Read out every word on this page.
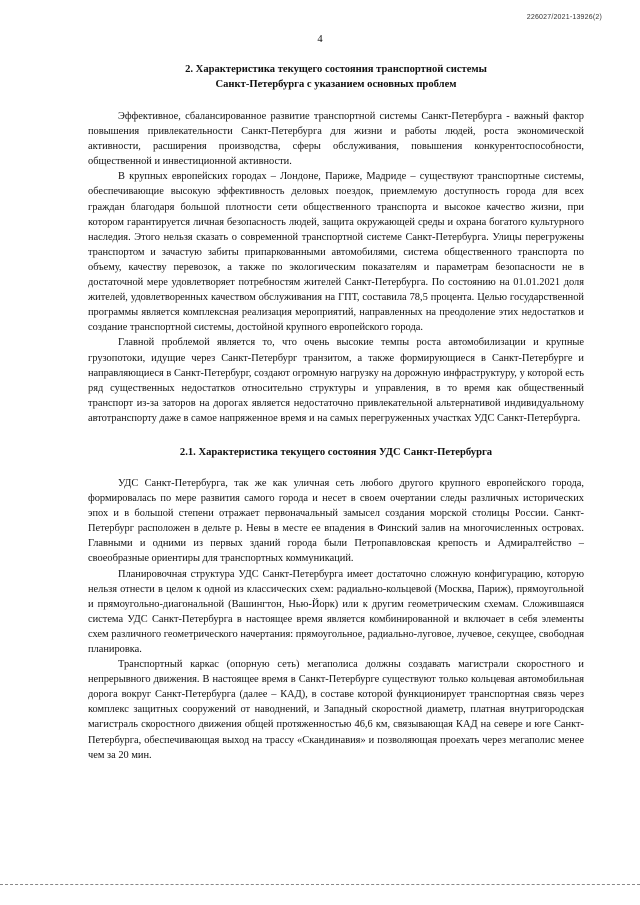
226027/2021-13926(2)
4
2. Характеристика текущего состояния транспортной системы
Санкт-Петербурга с указанием основных проблем

Эффективное, сбалансированное развитие транспортной системы Санкт-Петербурга - важный фактор повышения привлекательности Санкт-Петербурга для жизни и работы людей, роста экономической активности, расширения производства, сферы обслуживания, повышения конкурентоспособности, общественной и инвестиционной активности.

В крупных европейских городах – Лондоне, Париже, Мадриде – существуют транспортные системы, обеспечивающие высокую эффективность деловых поездок, приемлемую доступность города для всех граждан благодаря большой плотности сети общественного транспорта и высокое качество жизни, при котором гарантируется личная безопасность людей, защита окружающей среды и охрана богатого культурного наследия. Этого нельзя сказать о современной транспортной системе Санкт-Петербурга. Улицы перегружены транспортом и зачастую забиты припаркованными автомобилями, система общественного транспорта по объему, качеству перевозок, а также по экологическим показателям и параметрам безопасности не в достаточной мере удовлетворяет потребностям жителей Санкт-Петербурга. По состоянию на 01.01.2021 доля жителей, удовлетворенных качеством обслуживания на ГПТ, составила 78,5 процента. Целью государственной программы является комплексная реализация мероприятий, направленных на преодоление этих недостатков и создание транспортной системы, достойной крупного европейского города.

Главной проблемой является то, что очень высокие темпы роста автомобилизации и крупные грузопотоки, идущие через Санкт-Петербург транзитом, а также формирующиеся в Санкт-Петербурге и направляющиеся в Санкт-Петербург, создают огромную нагрузку на дорожную инфраструктуру, у которой есть ряд существенных недостатков относительно структуры и управления, в то время как общественный транспорт из-за заторов на дорогах является недостаточно привлекательной альтернативой индивидуальному автотранспорту даже в самое напряженное время и на самых перегруженных участках УДС Санкт-Петербурга.

2.1. Характеристика текущего состояния УДС Санкт-Петербурга

УДС Санкт-Петербурга, так же как уличная сеть любого другого крупного европейского города, формировалась по мере развития самого города и несет в своем очертании следы различных исторических эпох и в большой степени отражает первоначальный замысел создания морской столицы России. Санкт-Петербург расположен в дельте р. Невы в месте ее впадения в Финский залив на многочисленных островах. Главными и одними из первых зданий города были Петропавловская крепость и Адмиралтейство – своеобразные ориентиры для транспортных коммуникаций.

Планировочная структура УДС Санкт-Петербурга имеет достаточно сложную конфигурацию, которую нельзя отнести в целом к одной из классических схем: радиально-кольцевой (Москва, Париж), прямоугольной и прямоугольно-диагональной (Вашингтон, Нью-Йорк) или к другим геометрическим схемам. Сложившаяся система УДС Санкт-Петербурга в настоящее время является комбинированной и включает в себя элементы схем различного геометрического начертания: прямоугольное, радиально-луговое, лучевое, секущее, свободная планировка.

Транспортный каркас (опорную сеть) мегаполиса должны создавать магистрали скоростного и непрерывного движения. В настоящее время в Санкт-Петербурге существуют только кольцевая автомобильная дорога вокруг Санкт-Петербурга (далее – КАД), в составе которой функционирует транспортная связь через комплекс защитных сооружений от наводнений, и Западный скоростной диаметр, платная внутригородская магистраль скоростного движения общей протяженностью 46,6 км, связывающая КАД на севере и юге Санкт-Петербурга, обеспечивающая выход на трассу «Скандинавия» и позволяющая проехать через мегаполис менее чем за 20 мин.
